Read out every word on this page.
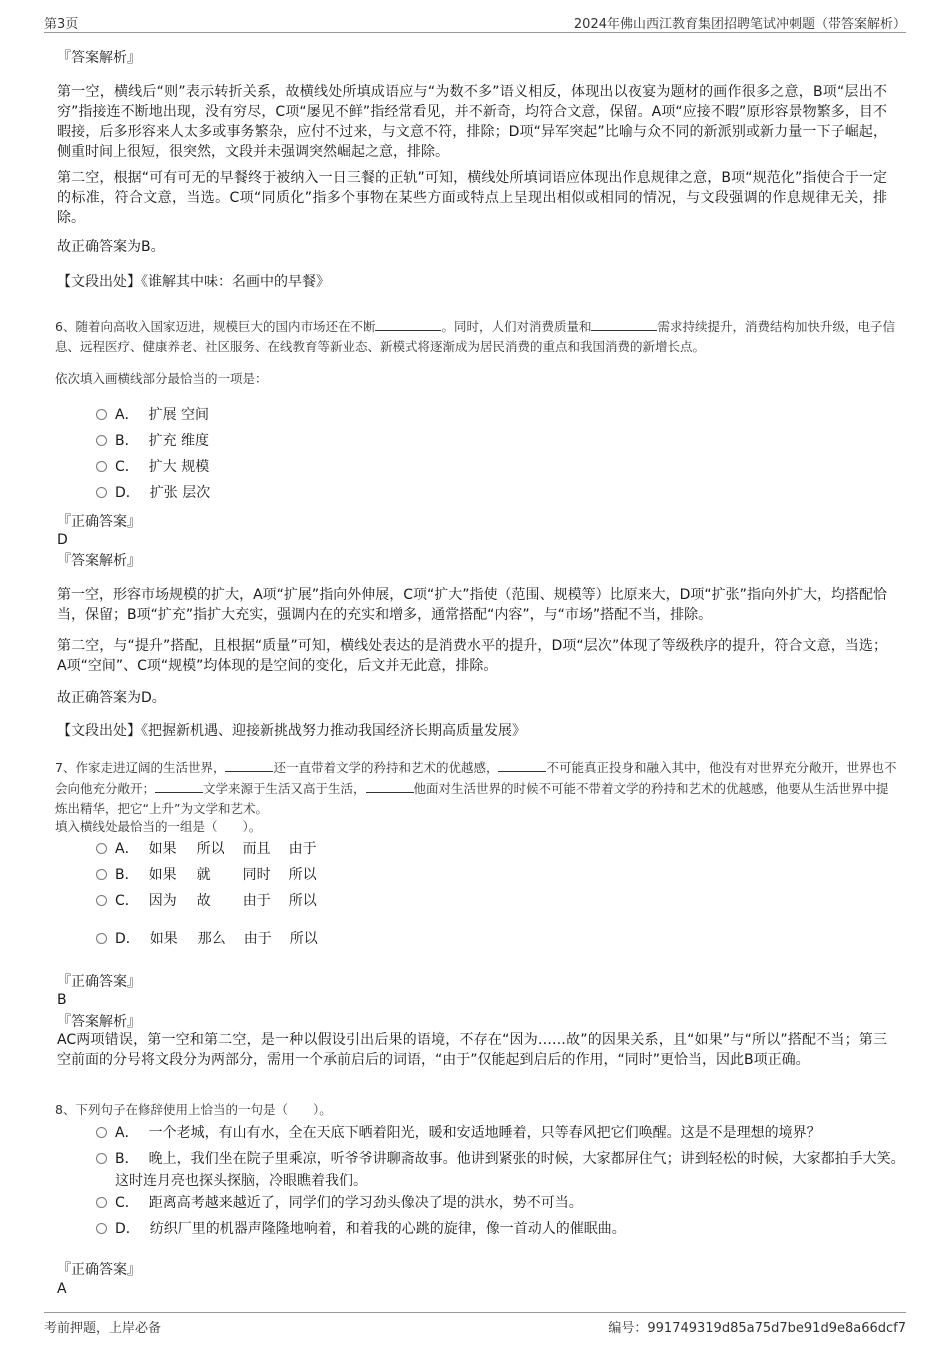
第3页	2024年佛山西江教育集团招聘笔试冲刺题（带答案解析）
『答案解析』
第一空，横线后“则”表示转折关系，故横线处所填成语应与“为数不多”语义相反，体现出以夜宴为题材的画作很多之意，B项“层出不穷”指接连不断地出现，没有穷尽，C项“屡见不鲜”指经常看见，并不新奇，均符合文意，保留。A项“应接不暇”原形容景物繁多，目不暇接，后多形容来人太多或事务繁杂，应付不过来，与文意不符，排除；D项“异军突起”比喻与众不同的新派别或新力量一下子崛起，侧重时间上很短，很突然，文段并未强调突然崛起之意，排除。
第二空，根据“可有可无的早餐终于被纳入一日三餐的正轨”可知，横线处所填词语应体现出作息规律之意，B项“规范化”指使合于一定的标准，符合文意，当选。C项“同质化”指多个事物在某些方面或特点上呈现出相似或相同的情况，与文段强调的作息规律无关，排除。
故正确答案为B。
【文段出处】《谁解其中味：名画中的早餐》
6、随着向高收入国家迈进，规模巨大的国内市场还在不断	。同时，人们对消费质量和	需求持续提升，消费结构加快升级，电子信息、远程医疗、健康养老、社区服务、在线教育等新业态、新模式将逐渐成为居民消费的重点和我国消费的新增长点。
依次填入画横线部分最恰当的一项是：
A． 扩展 空间
B． 扩充 维度
C． 扩大 规模
D． 扩张 层次
『正确答案』
D
『答案解析』
第一空，形容市场规模的扩大，A项“扩展”指向外伸展，C项“扩大”指使（范围、规模等）比原来大，D项“扩张”指向外扩大，均搭配恰当，保留；B项“扩充”指扩大充实，强调内在的充实和增多，通常搭配“内容”，与“市场”搭配不当，排除。
第二空，与“提升”搭配，且根据“质量”可知，横线处表达的是消费水平的提升，D项“层次”体现了等级秩序的提升，符合文意，当选；A项“空间”、C项“规模”均体现的是空间的变化，后文并无此意，排除。
故正确答案为D。
【文段出处】《把握新机遇、迎接新挑战努力推动我国经济长期高质量发展》
7、作家走进辽阔的生活世界，	还一直带着文学的矜持和艺术的优越感，	不可能真正投身和融入其中，他没有对世界充分敞开，世界也不会向他充分敞开；	文学来源于生活又高于生活，	他面对生活世界的时候不可能不带着文学的矜持和艺术的优越感，他要从生活世界中提炼出精华，把它“上升”为文学和艺术。
填入横线处最恰当的一组是（　　）。
A． 如果 所以 而且 由于
B． 如果 就 同时 所以
C． 因为 故 由于 所以
D． 如果 那么 由于 所以
『正确答案』
B
『答案解析』
AC两项错误，第一空和第二空，是一种以假设引出后果的语境，不存在“因为……故”的因果关系，且“如果”与“所以”搭配不当；第三空前面的分号将文段分为两部分，需用一个承前启后的词语，“由于”仅能起到启后的作用，“同时”更恰当，因此B项正确。
8、下列句子在修辞使用上恰当的一句是（　　）。
A． 一个老城，有山有水，全在天底下晒着阳光，暖和安适地睡着，只等春风把它们唤醒。这是不是理想的境界？
B． 晚上，我们坐在院子里乘凉，听爷爷讲聊斋故事。他讲到紧张的时候，大家都屏住气；讲到轻松的时候，大家都拍手大笑。这时连月亮也探头探脑，冷眼瞧着我们。
C． 距离高考越来越近了，同学们的学习劲头像决了堤的洪水，势不可当。
D． 纺织厂里的机器声隆隆地响着，和着我的心跳的旋律，像一首动人的催眠曲。
『正确答案』
A
考前押题，上岸必备	编号：991749319d85a75d7be91d9e8a66dcf7
